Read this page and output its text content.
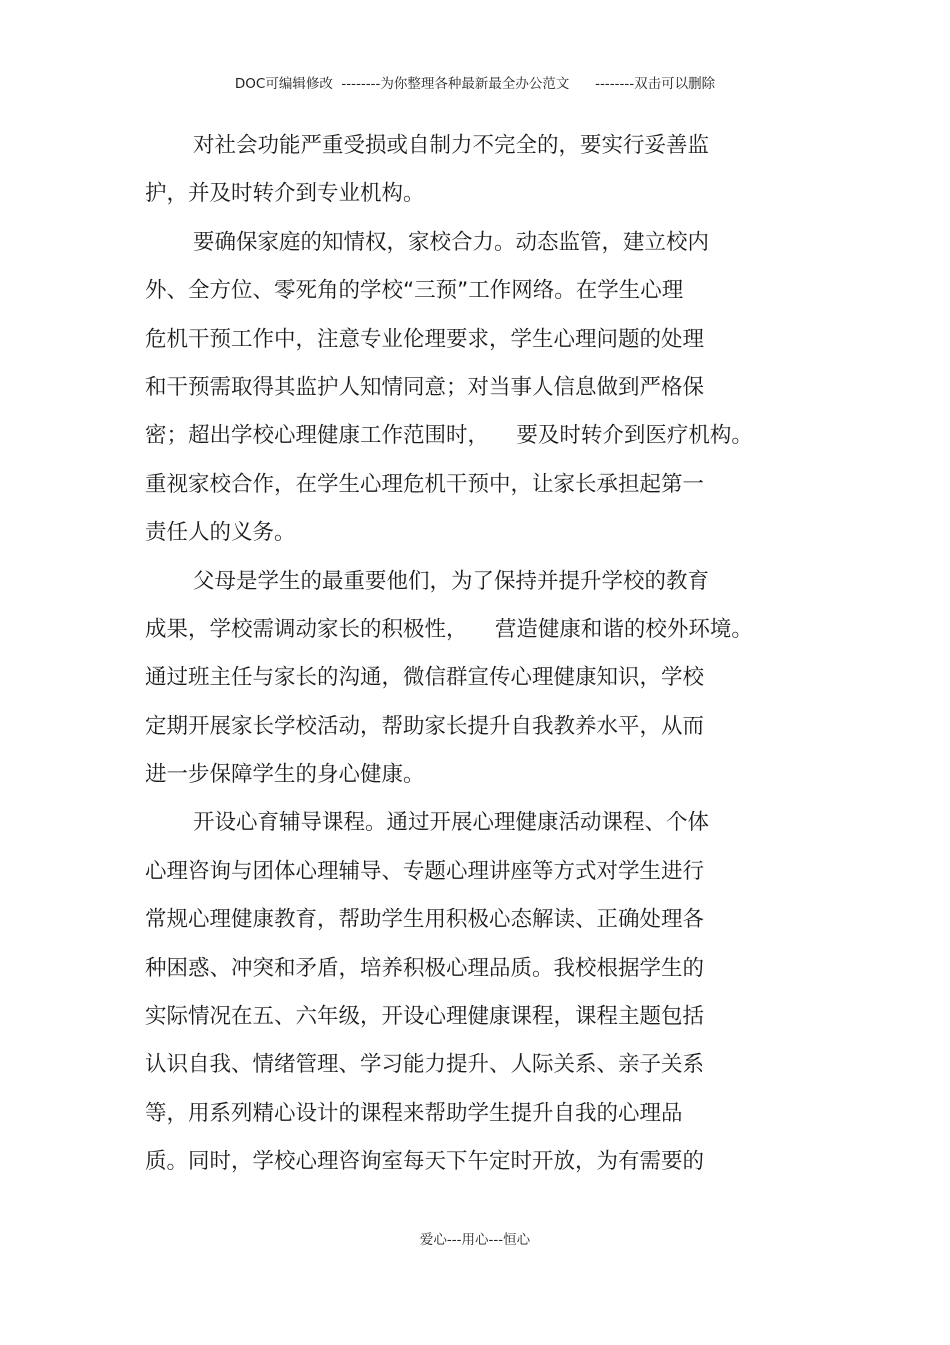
DOC可编辑修改  --------为你整理各种最新最全办公范文      --------双击可以删除
对社会功能严重受损或自制力不完全的，要实行妥善监
护，并及时转介到专业机构。
要确保家庭的知情权，家校合力。动态监管，建立校内
外、全方位、零死角的学校“三预”工作网络。在学生心理
危机干预工作中，注意专业伦理要求，学生心理问题的处理
和干预需取得其监护人知情同意；对当事人信息做到严格保
密；超出学校心理健康工作范围时，    要及时转介到医疗机构。
重视家校合作，在学生心理危机干预中，让家长承担起第一
责任人的义务。
父母是学生的最重要他们，为了保持并提升学校的教育
成果，学校需调动家长的积极性，    营造健康和谐的校外环境。
通过班主任与家长的沟通，微信群宣传心理健康知识，学校
定期开展家长学校活动，帮助家长提升自我教养水平，从而
进一步保障学生的身心健康。
开设心育辅导课程。通过开展心理健康活动课程、个体
心理咨询与团体心理辅导、专题心理讲座等方式对学生进行
常规心理健康教育，帮助学生用积极心态解读、正确处理各
种困惑、冲突和矛盾，培养积极心理品质。我校根据学生的
实际情况在五、六年级，开设心理健康课程，课程主题包括
认识自我、情绪管理、学习能力提升、人际关系、亲子关系
等，用系列精心设计的课程来帮助学生提升自我的心理品
质。同时，学校心理咨询室每天下午定时开放，为有需要的
爱心---用心---恒心
